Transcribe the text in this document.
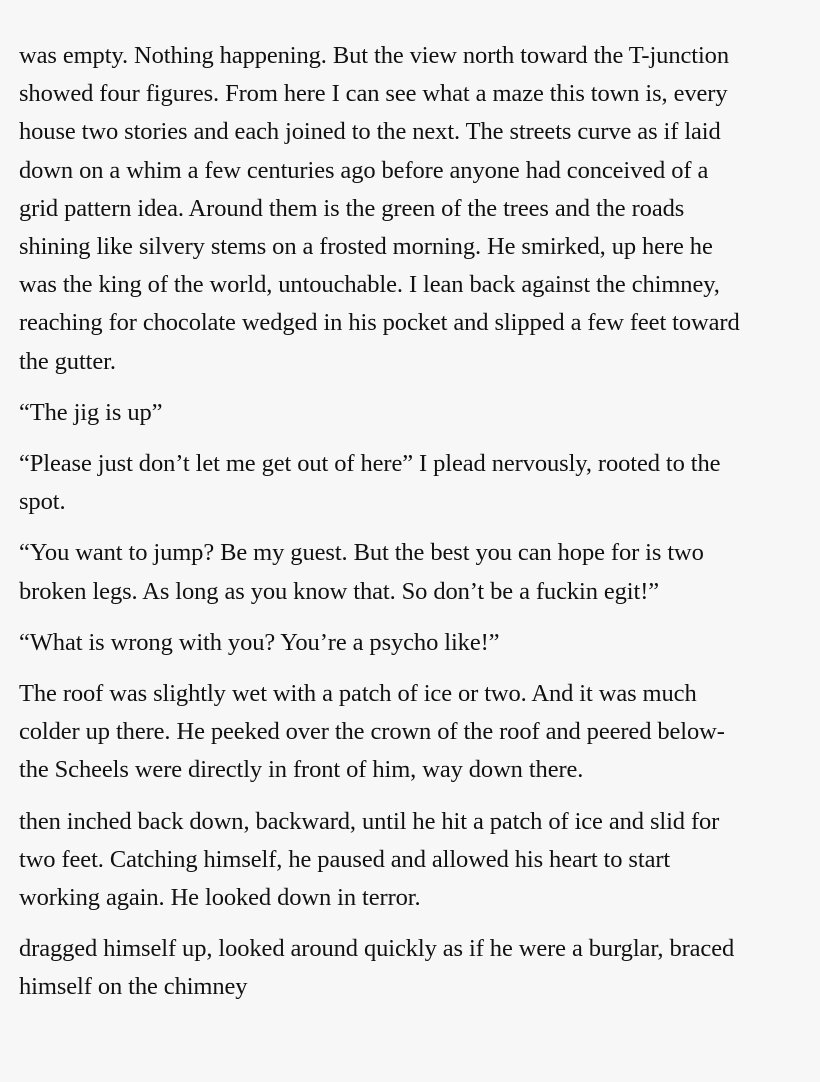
was empty. Nothing happening. But the view north toward the T-junction
showed four figures. From here I can see what a maze this town is, every
house two stories and each joined to the next. The streets curve as if laid
down on a whim a few centuries ago before anyone had conceived of a
grid pattern idea. Around them is the green of the trees and the roads
shining like silvery stems on a frosted morning. He smirked, up here he
was the king of the world, untouchable. I lean back against the chimney,
reaching for chocolate wedged in his pocket and slipped a few feet toward
the gutter.

“The jig is up”

“Please just don’t let me get out of here” I plead nervously, rooted to the
spot.

“You want to jump? Be my guest. But the best you can hope for is two
broken legs. As long as you know that. So don’t be a fuckin egit!”

“What is wrong with you? You’re a psycho like!”

The roof was slightly wet with a patch of ice or two. And it was much
colder up there. He peeked over the crown of the roof and peered below-
the Scheels were directly in front of him, way down there.

then inched back down, backward, until he hit a patch of ice and slid for
two feet. Catching himself, he paused and allowed his heart to start
working again. He looked down in terror.

dragged himself up, looked around quickly as if he were a burglar, braced
himself on the chimney
